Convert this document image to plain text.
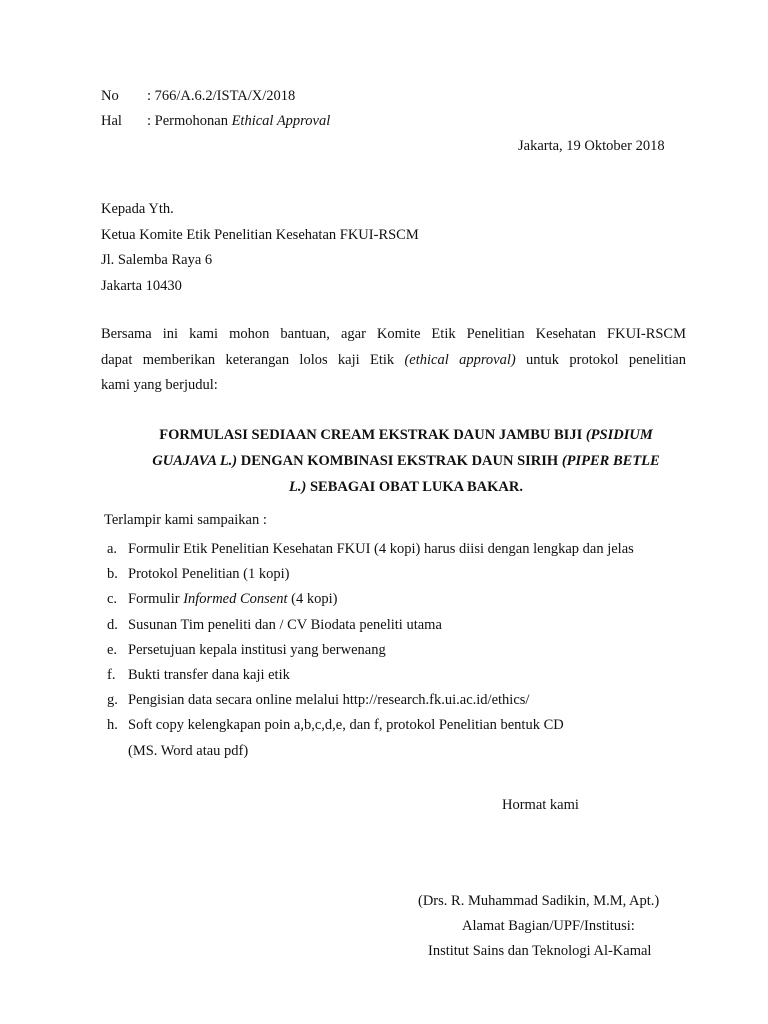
No : 766/A.6.2/ISTA/X/2018
Hal : Permohonan Ethical Approval
Jakarta, 19 Oktober 2018
Kepada Yth.
Ketua Komite Etik Penelitian Kesehatan FKUI-RSCM
Jl. Salemba Raya 6
Jakarta 10430
Bersama ini kami mohon bantuan, agar Komite Etik Penelitian Kesehatan FKUI-RSCM
dapat memberikan keterangan lolos kaji Etik (ethical approval) untuk protokol penelitian
kami yang berjudul:
FORMULASI SEDIAAN CREAM EKSTRAK DAUN JAMBU BIJI (PSIDIUM
GUAJAVA L.) DENGAN KOMBINASI EKSTRAK DAUN SIRIH (PIPER BETLE
L.) SEBAGAI OBAT LUKA BAKAR.
Terlampir kami sampaikan :
a. Formulir Etik Penelitian Kesehatan FKUI (4 kopi) harus diisi dengan lengkap dan jelas
b. Protokol Penelitian (1 kopi)
c. Formulir Informed Consent (4 kopi)
d. Susunan Tim peneliti dan / CV Biodata peneliti utama
e. Persetujuan kepala institusi yang berwenang
f. Bukti transfer dana kaji etik
g. Pengisian data secara online melalui http://research.fk.ui.ac.id/ethics/
h. Soft copy kelengkapan poin a,b,c,d,e, dan f, protokol Penelitian bentuk CD
(MS. Word atau pdf)
Hormat kami
(Drs. R. Muhammad Sadikin, M.M, Apt.)
Alamat Bagian/UPF/Institusi:
Institut Sains dan Teknologi Al-Kamal
